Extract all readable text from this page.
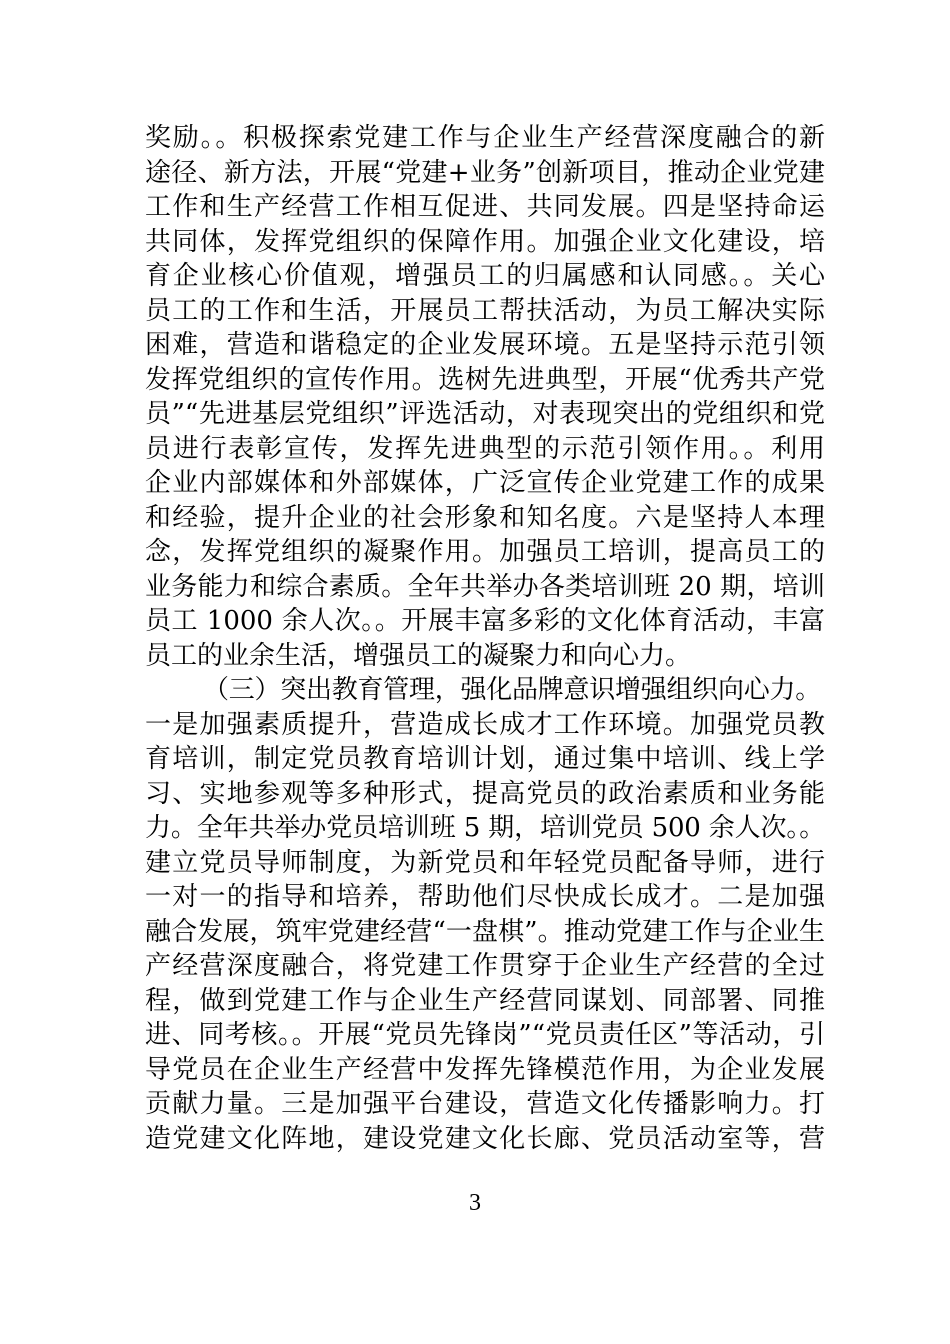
奖励。。积极探索党建工作与企业生产经营深度融合的新
途径、新方法，开展“党建+业务”创新项目，推动企业党建
工作和生产经营工作相互促进、共同发展。四是坚持命运
共同体，发挥党组织的保障作用。加强企业文化建设，培
育企业核心价值观，增强员工的归属感和认同感。。关心
员工的工作和生活，开展员工帮扶活动，为员工解决实际
困难，营造和谐稳定的企业发展环境。五是坚持示范引领
发挥党组织的宣传作用。选树先进典型，开展“优秀共产党
员”“先进基层党组织”评选活动，对表现突出的党组织和党
员进行表彰宣传，发挥先进典型的示范引领作用。。利用
企业内部媒体和外部媒体，广泛宣传企业党建工作的成果
和经验，提升企业的社会形象和知名度。六是坚持人本理
念，发挥党组织的凝聚作用。加强员工培训，提高员工的
业务能力和综合素质。全年共举办各类培训班 20 期，培训
员工 1000 余人次。。开展丰富多彩的文化体育活动，丰富
员工的业余生活，增强员工的凝聚力和向心力。
（三）突出教育管理，强化品牌意识增强组织向心力。
一是加强素质提升，营造成长成才工作环境。加强党员教
育培训，制定党员教育培训计划，通过集中培训、线上学
习、实地参观等多种形式，提高党员的政治素质和业务能
力。全年共举办党员培训班 5 期，培训党员 500 余人次。。
建立党员导师制度，为新党员和年轻党员配备导师，进行
一对一的指导和培养，帮助他们尽快成长成才。二是加强
融合发展，筑牢党建经营“一盘棋”。推动党建工作与企业生
产经营深度融合，将党建工作贯穿于企业生产经营的全过
程，做到党建工作与企业生产经营同谋划、同部署、同推
进、同考核。。开展“党员先锋岗”“党员责任区”等活动，引
导党员在企业生产经营中发挥先锋模范作用，为企业发展
贡献力量。三是加强平台建设，营造文化传播影响力。打
造党建文化阵地，建设党建文化长廊、党员活动室等，营
3
